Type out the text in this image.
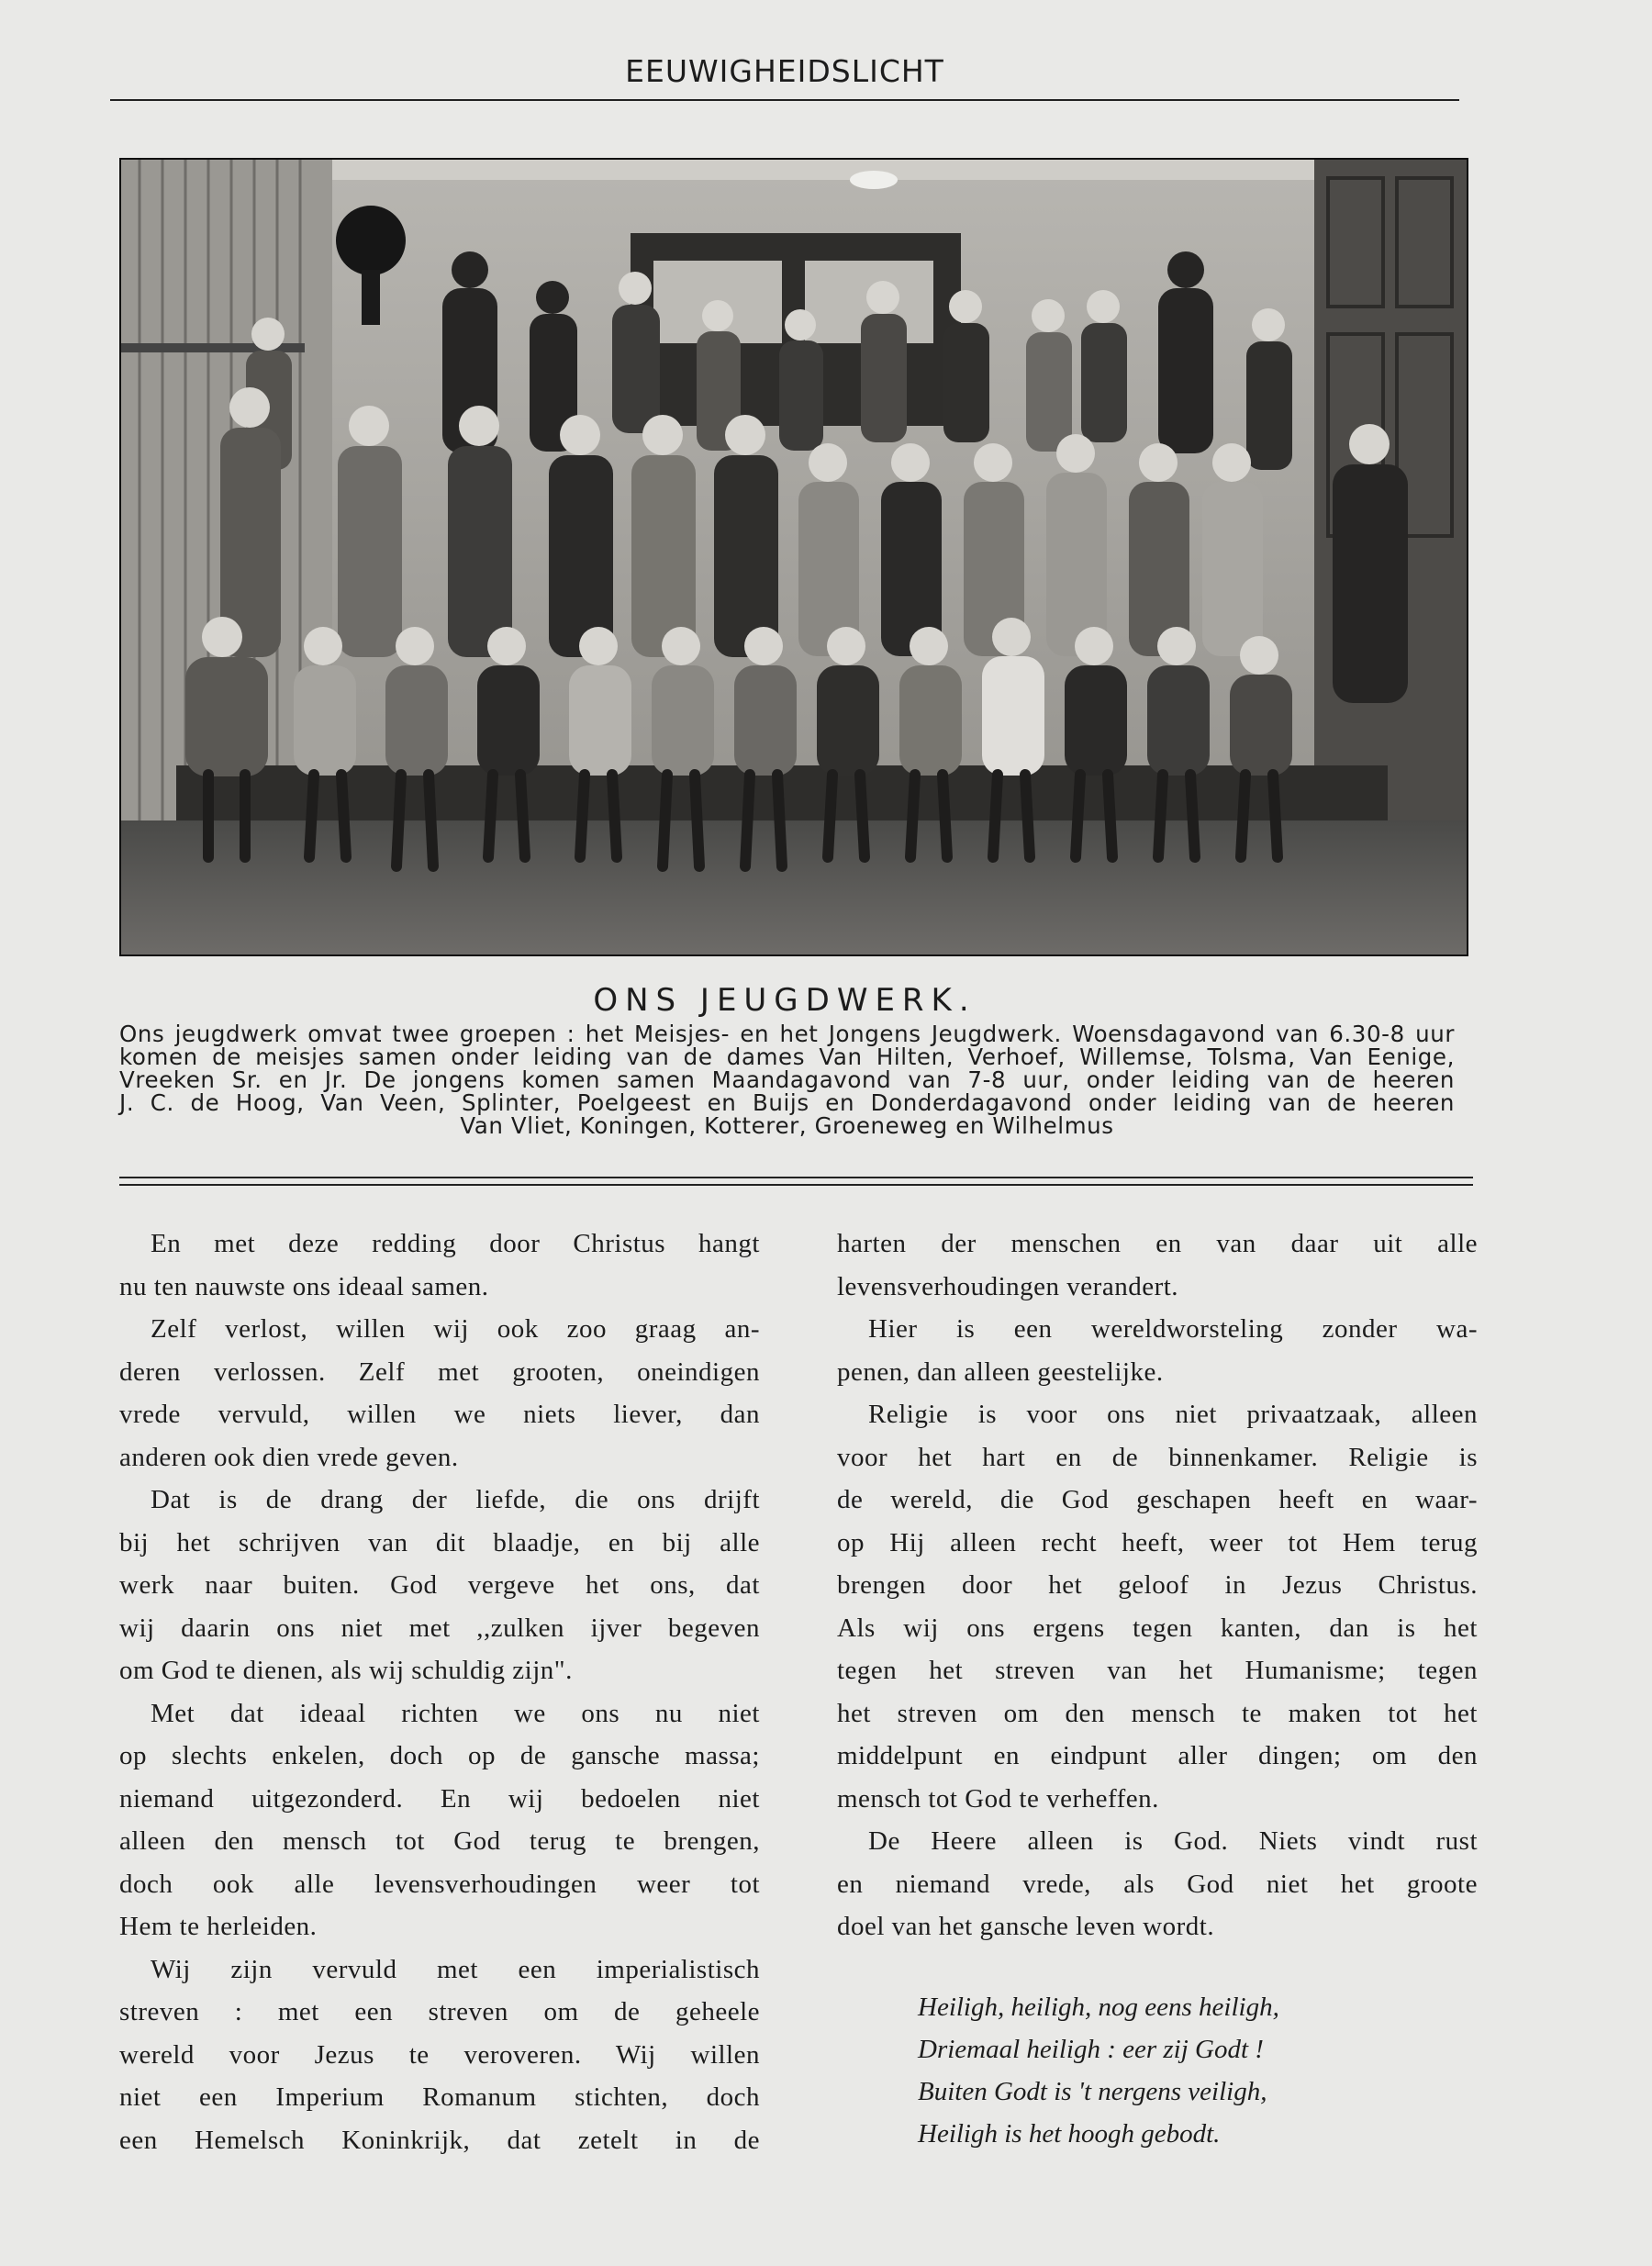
EEUWIGHEIDSLICHT
ONS JEUGDWERK.
Ons jeugdwerk omvat twee groepen : het Meisjes- en het Jongens Jeugdwerk. Woensdagavond van 6.30-8 uur
komen de meisjes samen onder leiding van de dames Van Hilten, Verhoef, Willemse, Tolsma, Van Eenige,
Vreeken Sr. en Jr. De jongens komen samen Maandagavond van 7-8 uur, onder leiding van de heeren
J. C. de Hoog, Van Veen, Splinter, Poelgeest en Buijs en Donderdagavond onder leiding van de heeren
Van Vliet, Koningen, Kotterer, Groeneweg en Wilhelmus
En met deze redding door Christus hangt
nu ten nauwste ons ideaal samen.
Zelf verlost, willen wij ook zoo graag an-
deren verlossen. Zelf met grooten, oneindigen
vrede vervuld, willen we niets liever, dan
anderen ook dien vrede geven.
Dat is de drang der liefde, die ons drijft
bij het schrijven van dit blaadje, en bij alle
werk naar buiten. God vergeve het ons, dat
wij daarin ons niet met ,,zulken ijver begeven
om God te dienen, als wij schuldig zijn".
Met dat ideaal richten we ons nu niet
op slechts enkelen, doch op de gansche massa;
niemand uitgezonderd. En wij bedoelen niet
alleen den mensch tot God terug te brengen,
doch ook alle levensverhoudingen weer tot
Hem te herleiden.
Wij zijn vervuld met een imperialistisch
streven : met een streven om de geheele
wereld voor Jezus te veroveren. Wij willen
niet een Imperium Romanum stichten, doch
een Hemelsch Koninkrijk, dat zetelt in de
harten der menschen en van daar uit alle
levensverhoudingen verandert.
Hier is een wereldworsteling zonder wa-
penen, dan alleen geestelijke.
Religie is voor ons niet privaatzaak, alleen
voor het hart en de binnenkamer. Religie is
de wereld, die God geschapen heeft en waar-
op Hij alleen recht heeft, weer tot Hem terug
brengen door het geloof in Jezus Christus.
Als wij ons ergens tegen kanten, dan is het
tegen het streven van het Humanisme; tegen
het streven om den mensch te maken tot het
middelpunt en eindpunt aller dingen; om den
mensch tot God te verheffen.
De Heere alleen is God. Niets vindt rust
en niemand vrede, als God niet het groote
doel van het gansche leven wordt.
Heiligh, heiligh, nog eens heiligh,
Driemaal heiligh : eer zij Godt !
Buiten Godt is 't nergens veiligh,
Heiligh is het hoogh gebodt.
